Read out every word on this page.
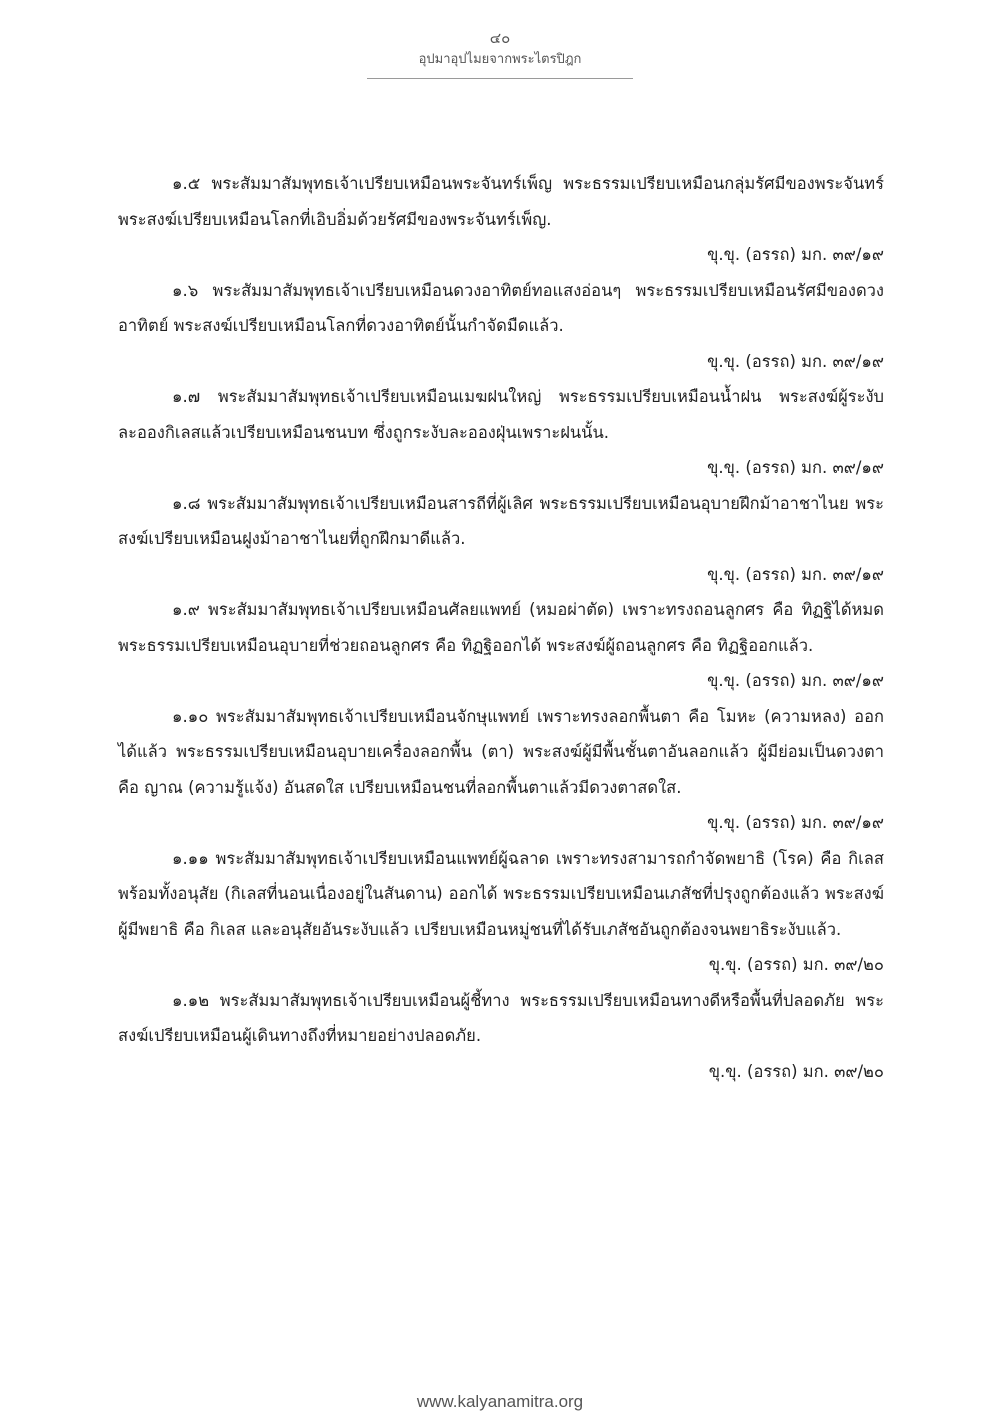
๔๐
อุปมาอุปไมยจากพระไตรปิฎก

๑.๕ พระสัมมาสัมพุทธเจ้าเปรียบเหมือนพระจันทร์เพ็ญ พระธรรมเปรียบเหมือนกลุ่มรัศมีของพระจันทร์ พระสงฆ์เปรียบเหมือนโลกที่เอิบอิ่มด้วยรัศมีของพระจันทร์เพ็ญ.

ขุ.ขุ. (อรรถ) มก. ๓๙/๑๙

๑.๖ พระสัมมาสัมพุทธเจ้าเปรียบเหมือนดวงอาทิตย์ทอแสงอ่อนๆ พระธรรมเปรียบเหมือนรัศมีของดวงอาทิตย์ พระสงฆ์เปรียบเหมือนโลกที่ดวงอาทิตย์นั้นกำจัดมืดแล้ว.

ขุ.ขุ. (อรรถ) มก. ๓๙/๑๙

๑.๗ พระสัมมาสัมพุทธเจ้าเปรียบเหมือนเมฆฝนใหญ่ พระธรรมเปรียบเหมือนน้ำฝน พระสงฆ์ผู้ระงับละอองกิเลสแล้วเปรียบเหมือนชนบท ซึ่งถูกระงับละอองฝุ่นเพราะฝนนั้น.

ขุ.ขุ. (อรรถ) มก. ๓๙/๑๙

๑.๘ พระสัมมาสัมพุทธเจ้าเปรียบเหมือนสารถีที่ผู้เลิศ พระธรรมเปรียบเหมือนอุบายฝึกม้าอาชาไนย พระสงฆ์เปรียบเหมือนฝูงม้าอาชาไนยที่ถูกฝึกมาดีแล้ว.

ขุ.ขุ. (อรรถ) มก. ๓๙/๑๙

๑.๙ พระสัมมาสัมพุทธเจ้าเปรียบเหมือนศัลยแพทย์ (หมอผ่าตัด) เพราะทรงถอนลูกศร คือ ทิฏฐิได้หมด พระธรรมเปรียบเหมือนอุบายที่ช่วยถอนลูกศร คือ ทิฏฐิออกได้ พระสงฆ์ผู้ถอนลูกศร คือ ทิฏฐิออกแล้ว.

ขุ.ขุ. (อรรถ) มก. ๓๙/๑๙

๑.๑๐ พระสัมมาสัมพุทธเจ้าเปรียบเหมือนจักษุแพทย์ เพราะทรงลอกพื้นตา คือ โมหะ (ความหลง) ออกได้แล้ว พระธรรมเปรียบเหมือนอุบายเครื่องลอกพื้น (ตา) พระสงฆ์ผู้มีพื้นชั้นตาอันลอกแล้ว ผู้มีย่อมเป็นดวงตา คือ ญาณ (ความรู้แจ้ง) อันสดใส เปรียบเหมือนชนที่ลอกพื้นตาแล้วมีดวงตาสดใส.

ขุ.ขุ. (อรรถ) มก. ๓๙/๑๙

๑.๑๑ พระสัมมาสัมพุทธเจ้าเปรียบเหมือนแพทย์ผู้ฉลาด เพราะทรงสามารถกำจัดพยาธิ (โรค) คือ กิเลสพร้อมทั้งอนุสัย (กิเลสที่นอนเนื่องอยู่ในสันดาน) ออกได้ พระธรรมเปรียบเหมือนเภสัชที่ปรุงถูกต้องแล้ว พระสงฆ์ผู้มีพยาธิ คือ กิเลส และอนุสัยอันระงับแล้ว เปรียบเหมือนหมู่ชนที่ได้รับเภสัชอันถูกต้องจนพยาธิระงับแล้ว.

ขุ.ขุ. (อรรถ) มก. ๓๙/๒๐

๑.๑๒ พระสัมมาสัมพุทธเจ้าเปรียบเหมือนผู้ชี้ทาง พระธรรมเปรียบเหมือนทางดีหรือพื้นที่ปลอดภัย พระสงฆ์เปรียบเหมือนผู้เดินทางถึงที่หมายอย่างปลอดภัย.

ขุ.ขุ. (อรรถ) มก. ๓๙/๒๐

www.kalyanamitra.org
